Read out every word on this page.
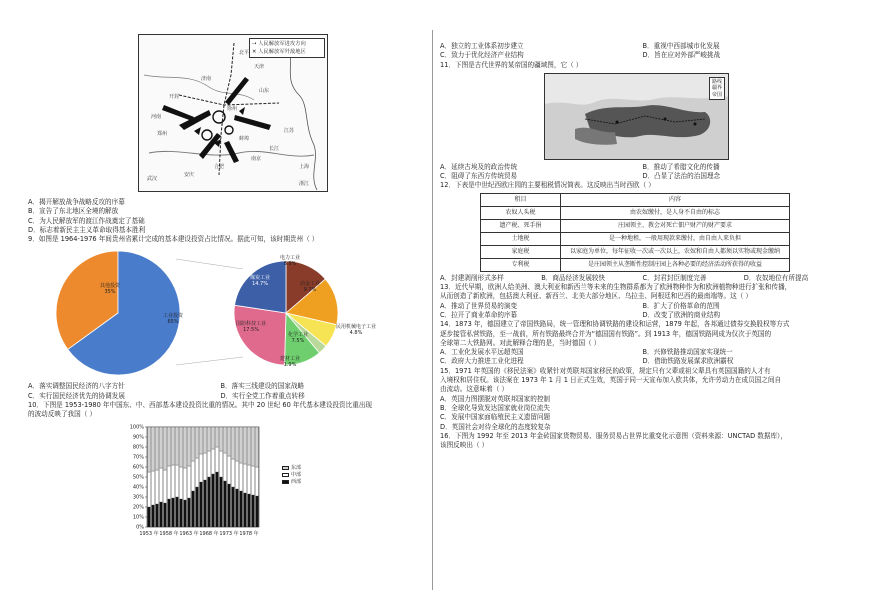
⇢ 人民解放军进攻方向
✕ 人民解放军歼敌地区
北平
天津
济南
徐州
南京
上海
合肥
安庆
长江
江苏
浙江
山东
河南
开封
武汉
郑州
蚌埠
A．揭开解放战争战略反攻的序幕
B．宣告了东北地区全境的解放
C．为人民解放军的渡江作战奠定了基础
D．标志着新民主主义革命取得基本胜利
9．如图是 1964-1976 年间贵州省累计完成的基本建设投资占比情况。据此可知，该时期贵州（ ）
其他投资
35%
工业投资
65%
电力工业
8.9%
冶金工业
9.7%
民用机械电子工业
4.8%
建材工业
1.9%
化学工业
7.5%
国防科技工业
17.5%
煤炭工业
14.7%
A．落实调整国民经济的八字方针	B．落实三线建设的国家战略
C．实行国民经济优先的协调发展	D．实行全党工作着重点转移
10．下图是 1953-1980 年中国东、中、西部基本建设投资比重的情况。其中 20 世纪 60 年代基本建设投资比重出现
的波动反映了我国（ ）
0%
10%
20%
30%
40%
50%
60%
70%
80%
90%
100%
1953 年 1958 年 1963 年 1968 年 1973 年 1978 年
东部
中部
西部
A．独立的工业体系初步建立	B．重视中西部城市化发展
C．致力于优化经济产业结构	D．旨在应对外部严峻挑战
11．下图是古代世界的某帝国的疆域图，它（ ）
路线
疆界
帝国
A．延续古埃及的政治传统	B．推动了希腊文化的传播
C．阻碍了东西方传统贸易	D．凸显了法治的治国理念
12．下表是中世纪西欧庄园的主要租税情况简表。这反映出当时西欧（ ）
租目	内容
农奴人头税	由农奴缴付，是人身不自由的标志
遗产税、死手捐	庄园领主、教会对死亡佃户财产的财产要求
土地税	是一种地租，一般用现款来缴付，由自由人来负担
家庭税	以家庭为单位，每年征收一次或一次以上，农奴和自由人都须以实物或现金缴纳
专利税	是庄园领主从垄断性控制庄园上各种必要的经济活动所获得的收益
A．封建剥削形式多样	B．商品经济发展较快	C．封君封臣制度完善	D．农奴地位有所提高
13．近代早期，欧洲人给美洲、澳大利亚和新西兰等未来的生物群系都为了欧洲物种作为和欧洲植物种进行扩张和传播，
从而创造了新欧洲，包括澳大利亚、新西兰、北美大部分地区、乌拉圭、阿根廷和巴西的最南端等。这（ ）
A．推动了世界贸易的演变	B．扩大了价格革命的范围
C．拉开了商业革命的序幕	D．改变了欧洲的商业结构
14．1873 年，德国建立了帝国铁路局，统一管理和协调铁路的建设和运营，1879 年起，各邦通过债券交换股权等方式
逐步接管私营铁路，至一战前，所有铁路最终合并为“德国国有铁路”。到 1913 年，德国铁路网成为仅次于英国的
全球第二大铁路网。对此解释合理的是，当时德国（ ）
A．工业化发展水平远超英国	B．兴修铁路推动国家实现统一
C．政府大力推进工业化进程	D．借助铁路发展谋求欧洲霸权
15．1971 年英国的《移民法案》收紧针对英联邦国家移民的政策，规定只有父辈或祖父辈具有英国国籍的人才有
入境权和居住权。该法案在 1973 年 1 月 1 日正式生效，英国于同一天宣布加入欧共体，允许劳动力在成员国之间自
由流动。这意味着（ ）
A．英国力图摆脱对英联邦国家的控制
B．全球化导致发达国家就业岗位流失
C．发展中国家面临殖民主义遗留问题
D．英国社会对待全球化的态度较复杂
16．下图为 1992 年至 2013 年金砖国家货物贸易、服务贸易占世界比重变化示意图（资料来源：UNCTAD 数据库），
该图反映出（ ）
